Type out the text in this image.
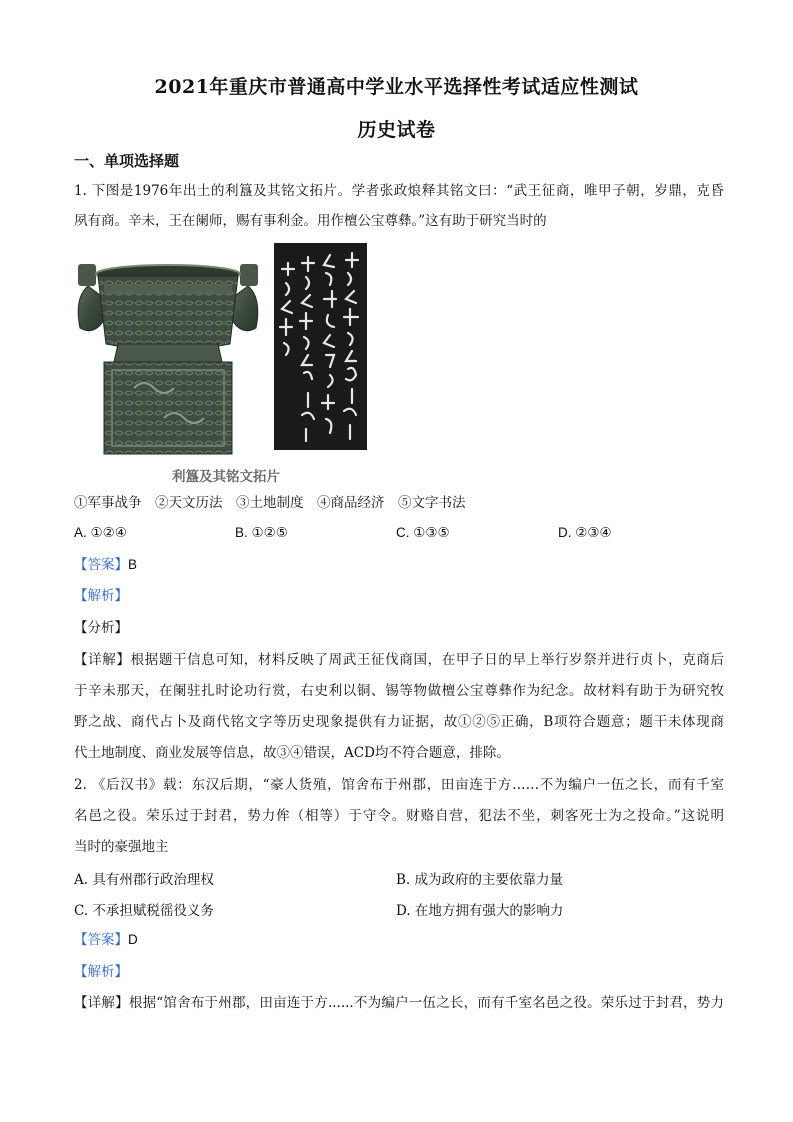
2021年重庆市普通高中学业水平选择性考试适应性测试
历史试卷
一、单项选择题
1. 下图是1976年出土的利簋及其铭文拓片。学者张政烺释其铭文曰：“武王征商，唯甲子朝，岁鼎，克昏
夙有商。辛未，王在阑师，赐有事利金。用作檀公宝尊彝。”这有助于研究当时的
利簋及其铭文拓片
①军事战争　②天文历法　③土地制度　④商品经济　⑤文字书法
A. ①②④	B. ①②⑤	C. ①③⑤	D. ②③④
【答案】B
【解析】
【分析】
【详解】根据题干信息可知，材料反映了周武王征伐商国，在甲子日的早上举行岁祭并进行贞卜，克商后
于辛未那天，在阑驻扎时论功行赏，右史利以铜、锡等物做檀公宝尊彝作为纪念。故材料有助于为研究牧
野之战、商代占卜及商代铭文字等历史现象提供有力证据，故①②⑤正确，B项符合题意；题干未体现商
代土地制度、商业发展等信息，故③④错误，ACD均不符合题意，排除。
2. 《后汉书》载：东汉后期，“豪人货殖，馆舍布于州郡，田亩连于方……不为编户一伍之长，而有千室
名邑之役。荣乐过于封君，势力侔（相等）于守令。财赂自营，犯法不坐，刺客死士为之投命。”这说明
当时的豪强地主
A. 具有州郡行政治理权	B. 成为政府的主要依靠力量
C. 不承担赋税徭役义务	D. 在地方拥有强大的影响力
【答案】D
【解析】
【详解】根据“馆舍布于州郡，田亩连于方......不为编户一伍之长，而有千室名邑之役。荣乐过于封君，势力
